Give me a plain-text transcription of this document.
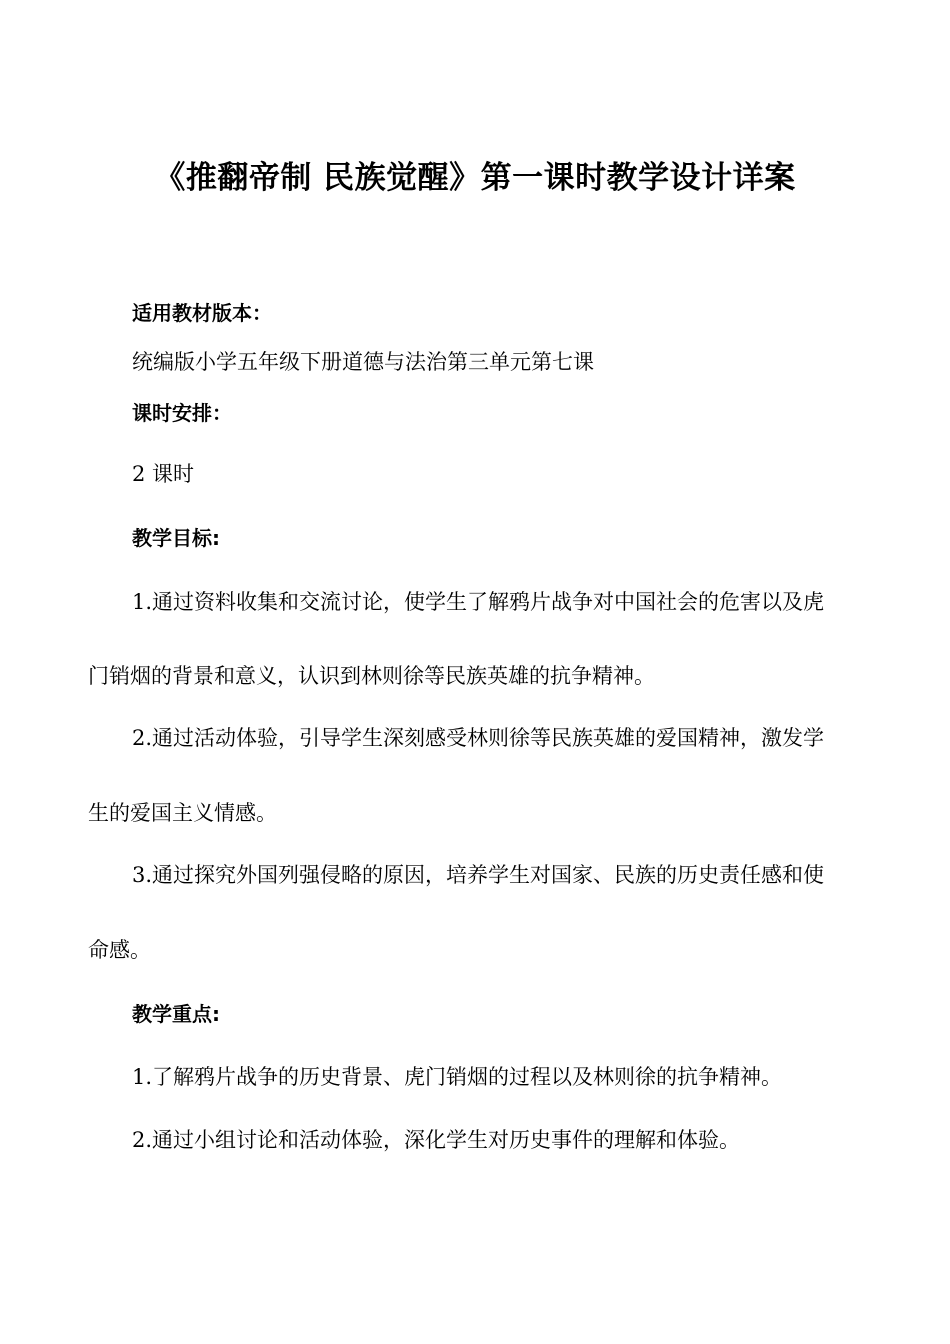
《推翻帝制 民族觉醒》第一课时教学设计详案
适用教材版本：
统编版小学五年级下册道德与法治第三单元第七课
课时安排：
2 课时
教学目标:
1.通过资料收集和交流讨论，使学生了解鸦片战争对中国社会的危害以及虎
门销烟的背景和意义，认识到林则徐等民族英雄的抗争精神。
2.通过活动体验，引导学生深刻感受林则徐等民族英雄的爱国精神，激发学
生的爱国主义情感。
3.通过探究外国列强侵略的原因，培养学生对国家、民族的历史责任感和使
命感。
教学重点:
1.了解鸦片战争的历史背景、虎门销烟的过程以及林则徐的抗争精神。
2.通过小组讨论和活动体验，深化学生对历史事件的理解和体验。
